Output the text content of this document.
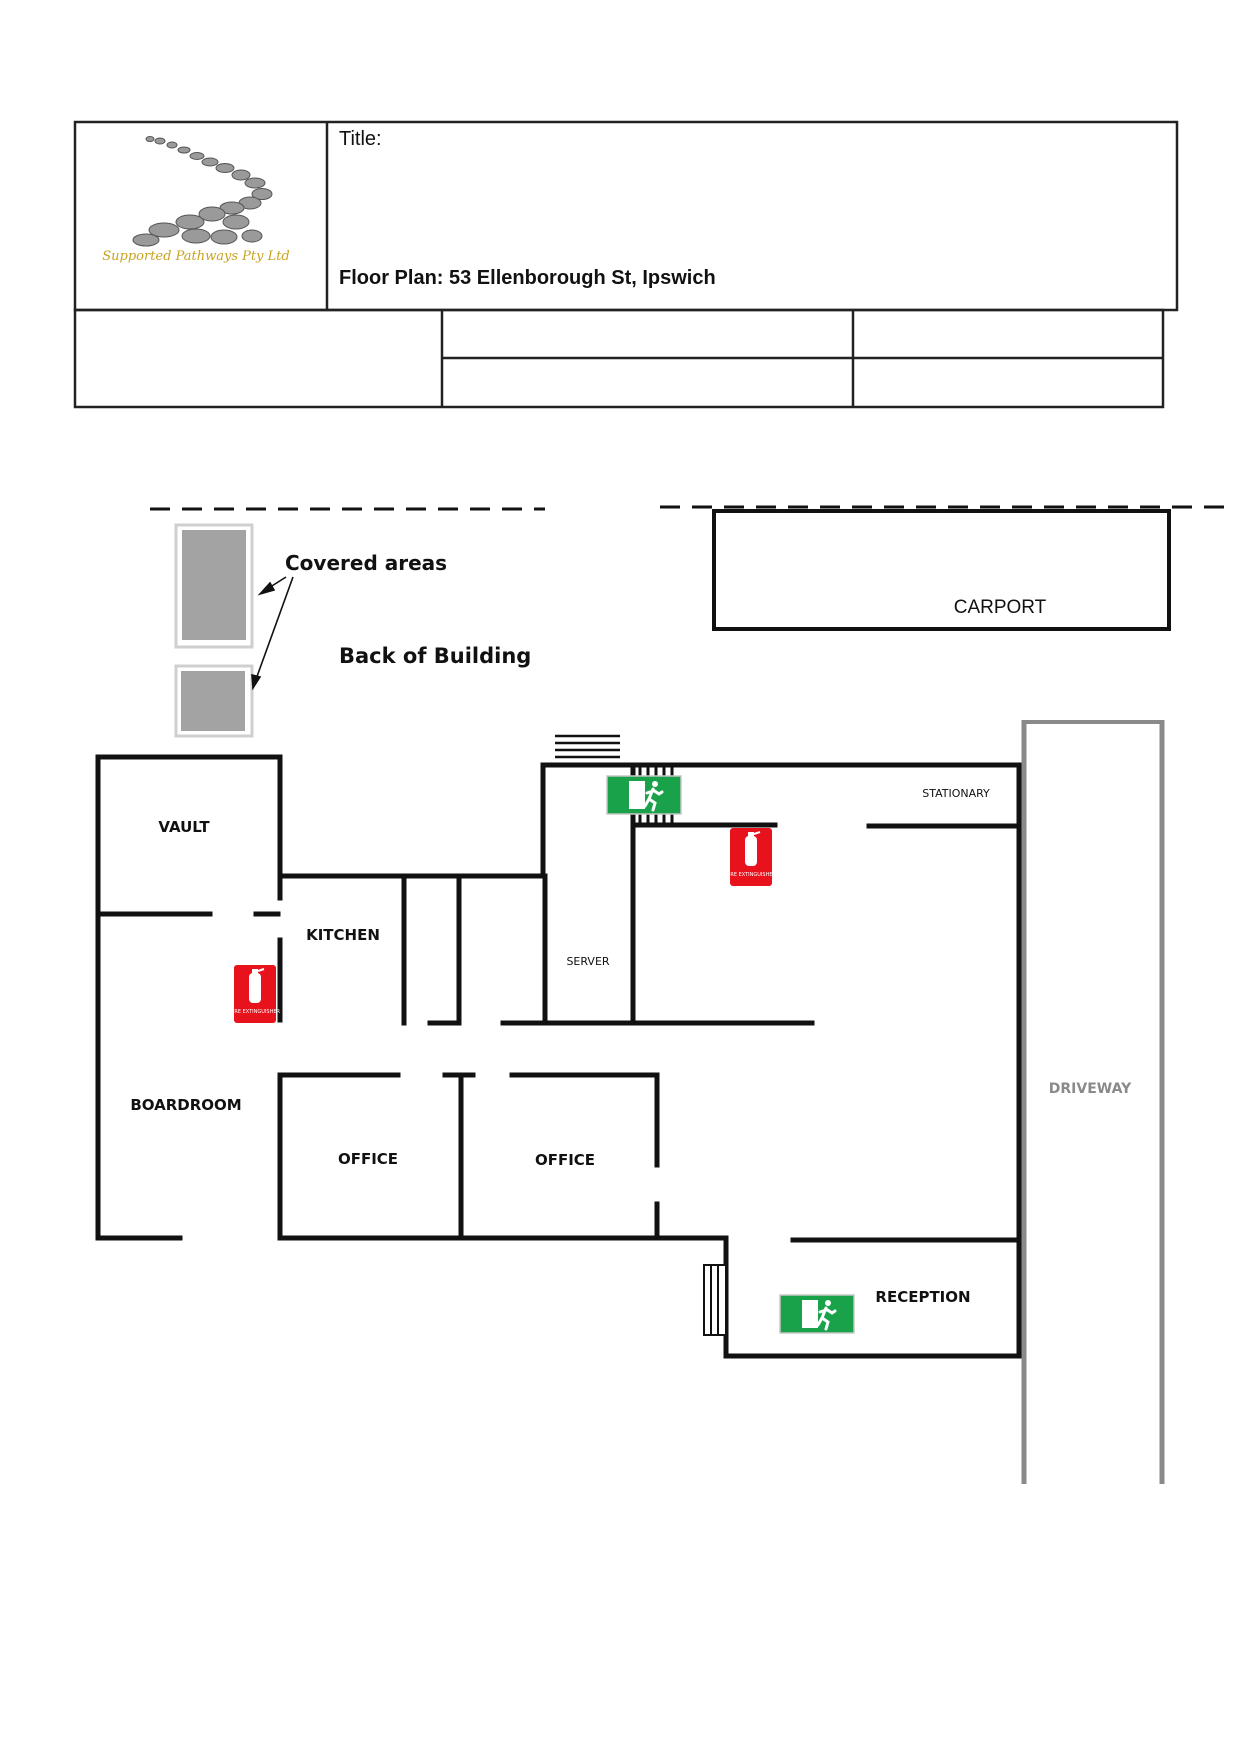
Supported Pathways Pty Ltd
Title:
Floor Plan: 53 Ellenborough St, Ipswich
Covered areas
Back of Building
CARPORT
DRIVEWAY
VAULT
KITCHEN
SERVER
STATIONARY
BOARDROOM
OFFICE	OFFICE
RECEPTION
FIRE EXTINGUISHER
FIRE EXTINGUISHER
